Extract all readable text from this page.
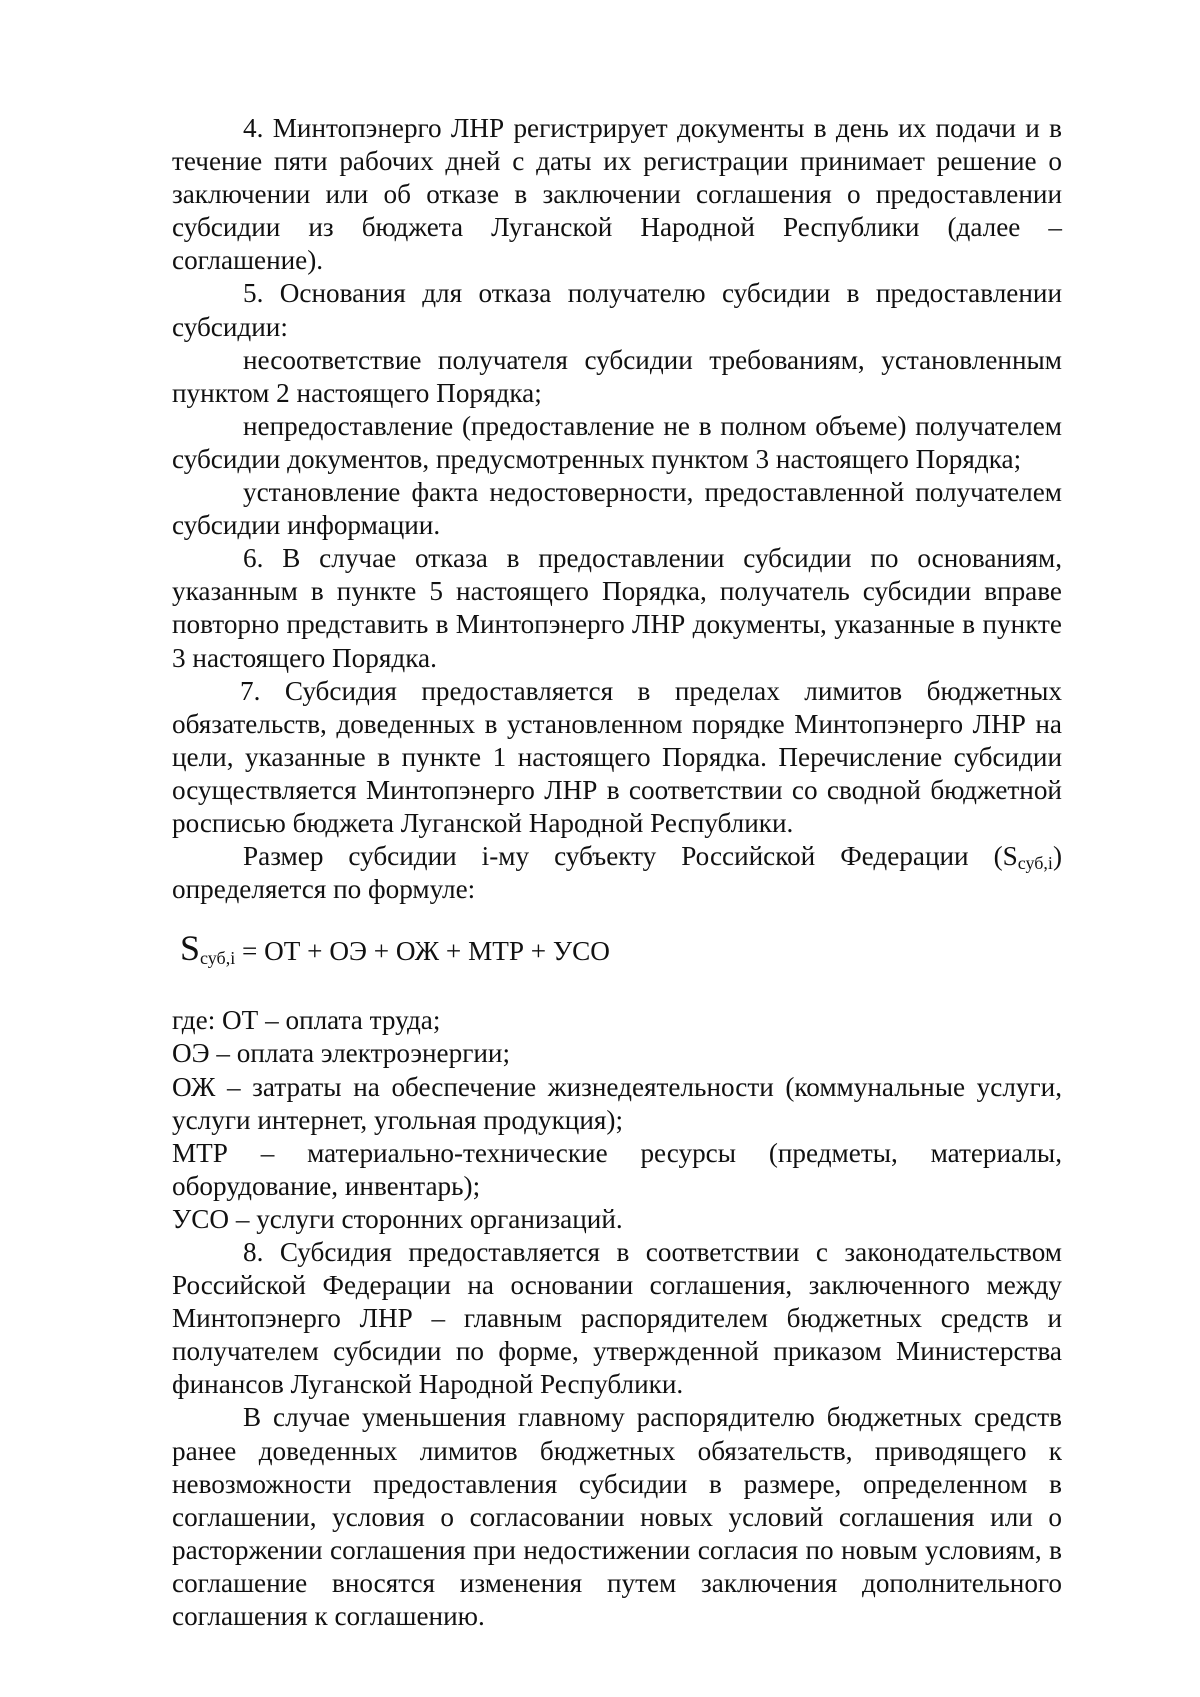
4. Минтопэнерго ЛНР регистрирует документы в день их подачи и в течение пяти рабочих дней с даты их регистрации принимает решение о заключении или об отказе в заключении соглашения о предоставлении субсидии из бюджета Луганской Народной Республики (далее – соглашение).

5. Основания для отказа получателю субсидии в предоставлении субсидии:

несоответствие получателя субсидии требованиям, установленным пунктом 2 настоящего Порядка;

непредоставление (предоставление не в полном объеме) получателем субсидии документов, предусмотренных пунктом 3 настоящего Порядка;

установление факта недостоверности, предоставленной получателем субсидии информации.

6. В случае отказа в предоставлении субсидии по основаниям, указанным в пункте 5 настоящего Порядка, получатель субсидии вправе повторно представить в Минтопэнерго ЛНР документы, указанные в пункте 3 настоящего Порядка.

7. Субсидия предоставляется в пределах лимитов бюджетных обязательств, доведенных в установленном порядке Минтопэнерго ЛНР на цели, указанные в пункте 1 настоящего Порядка. Перечисление субсидии осуществляется Минтопэнерго ЛНР в соответствии со сводной бюджетной росписью бюджета Луганской Народной Республики.

Размер субсидии i-му субъекту Российской Федерации $(S_{суб,i})$ определяется по формуле:

$S_{суб,i}$ = ОТ + ОЭ + ОЖ + МТР + УСО

где: ОТ – оплата труда;

ОЭ – оплата электроэнергии;

ОЖ – затраты на обеспечение жизнедеятельности (коммунальные услуги, услуги интернет, угольная продукция);

МТР – материально-технические ресурсы (предметы, материалы, оборудование, инвентарь);

УСО – услуги сторонних организаций.

8. Субсидия предоставляется в соответствии с законодательством Российской Федерации на основании соглашения, заключенного между Минтопэнерго ЛНР – главным распорядителем бюджетных средств и получателем субсидии по форме, утвержденной приказом Министерства финансов Луганской Народной Республики.

В случае уменьшения главному распорядителю бюджетных средств ранее доведенных лимитов бюджетных обязательств, приводящего к невозможности предоставления субсидии в размере, определенном в соглашении, условия о согласовании новых условий соглашения или о расторжении соглашения при недостижении согласия по новым условиям, в соглашение вносятся изменения путем заключения дополнительного соглашения к соглашению.
